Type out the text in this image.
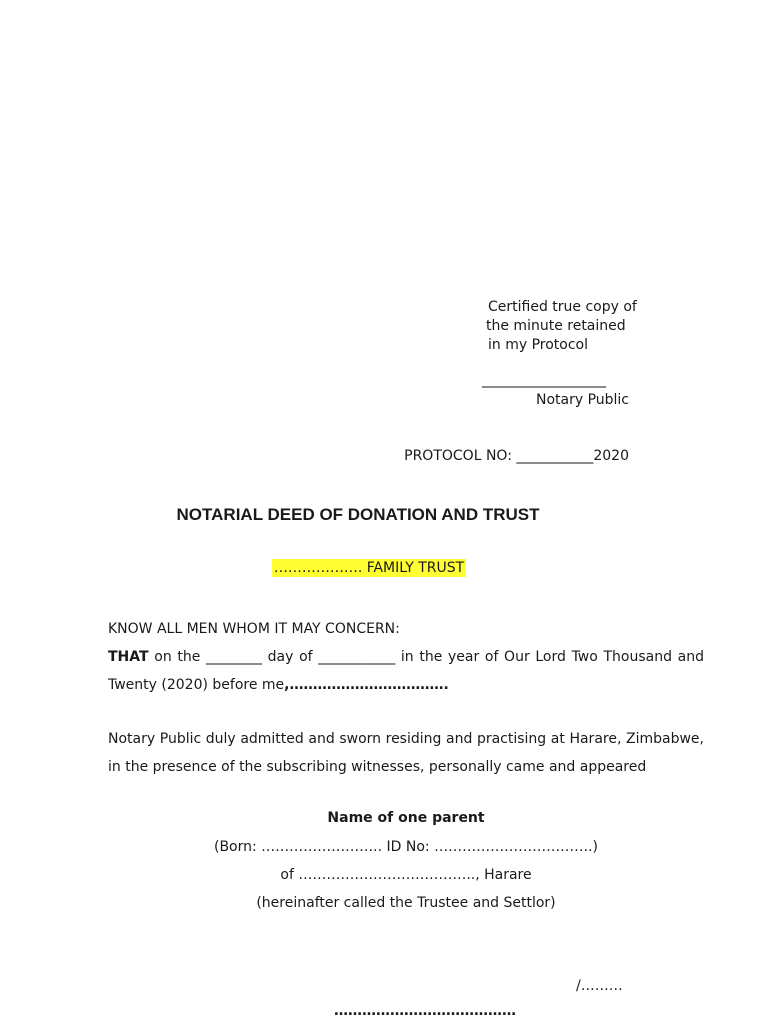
Certified true copy of
the minute retained
in my Protocol
___________________
Notary Public
PROTOCOL NO: ___________2020
NOTARIAL DEED OF DONATION AND TRUST
………………. FAMILY TRUST
KNOW ALL MEN WHOM IT MAY CONCERN:
THAT on the ________ day of ___________ in the year of Our Lord Two Thousand and Twenty (2020) before me,…………………………….
Notary Public duly admitted and sworn residing and practising at Harare, Zimbabwe, in the presence of the subscribing witnesses, personally came and appeared
Name of one parent
(Born: …………………….. ID No: …………………………….)
of ……………………………….., Harare
(hereinafter called the Trustee and Settlor)
/………
…………………………………
